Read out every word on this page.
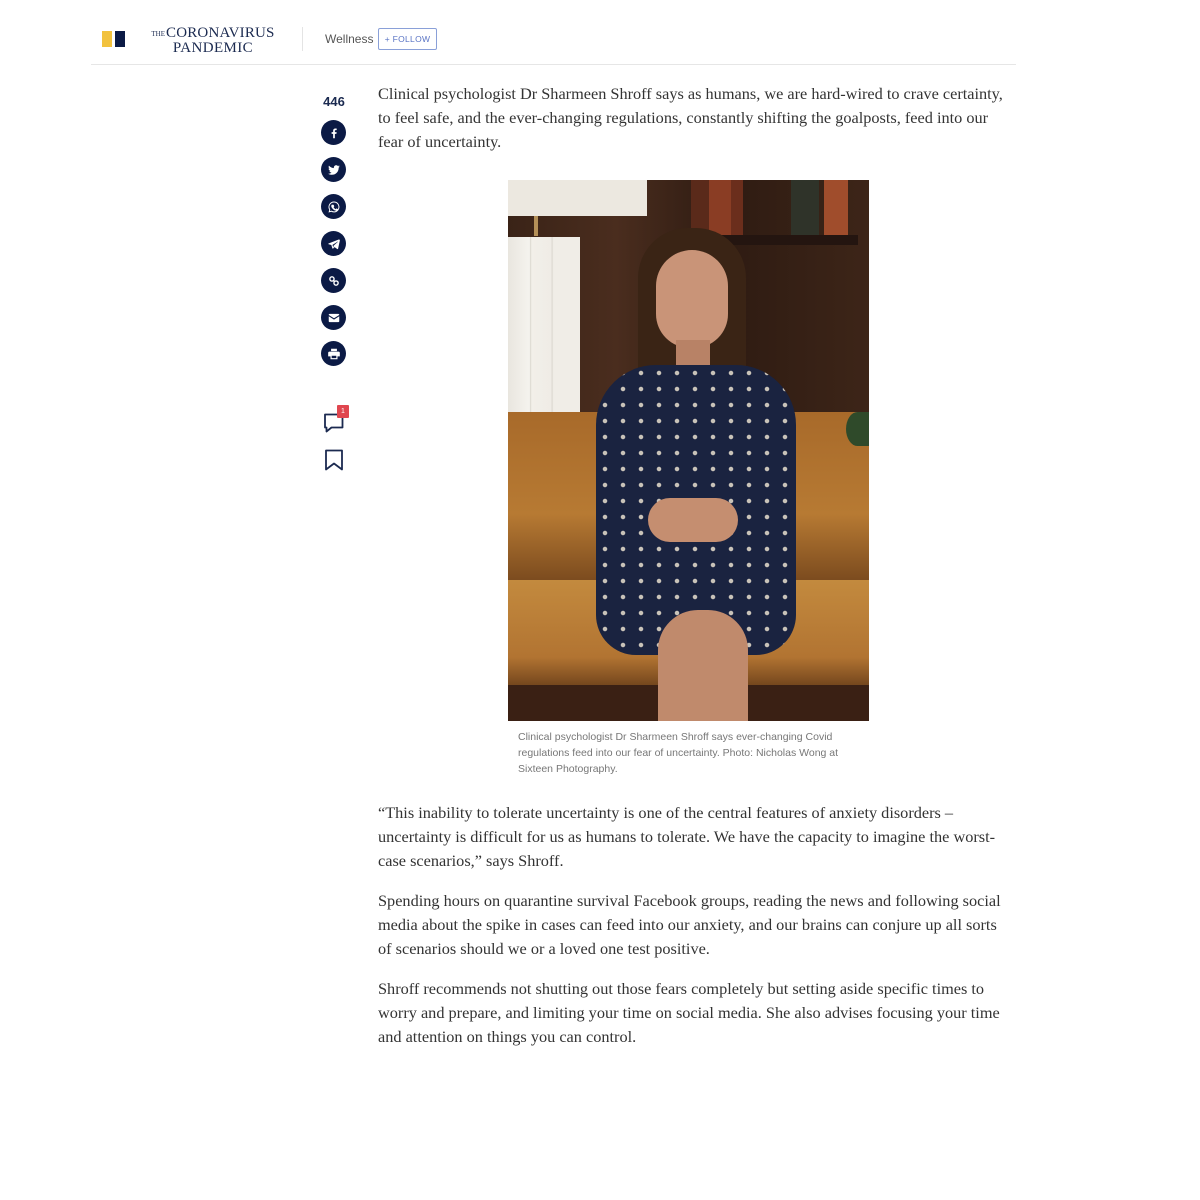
$^{THE}$CORONAVIRUS
PANDEMIC
Wellness	+ FOLLOW
446
1

Clinical psychologist Dr Sharmeen Shroff says as humans, we are hard-wired to crave certainty, to feel safe, and the ever-changing regulations, constantly shifting the goalposts, feed into our fear of uncertainty.

Clinical psychologist Dr Sharmeen Shroff says ever-changing Covid regulations feed into our fear of uncertainty. Photo: Nicholas Wong at Sixteen Photography.

“This inability to tolerate uncertainty is one of the central features of anxiety disorders – uncertainty is difficult for us as humans to tolerate. We have the capacity to imagine the worst-case scenarios,” says Shroff.

Spending hours on quarantine survival Facebook groups, reading the news and following social media about the spike in cases can feed into our anxiety, and our brains can conjure up all sorts of scenarios should we or a loved one test positive.

Shroff recommends not shutting out those fears completely but setting aside specific times to worry and prepare, and limiting your time on social media. She also advises focusing your time and attention on things you can control.
